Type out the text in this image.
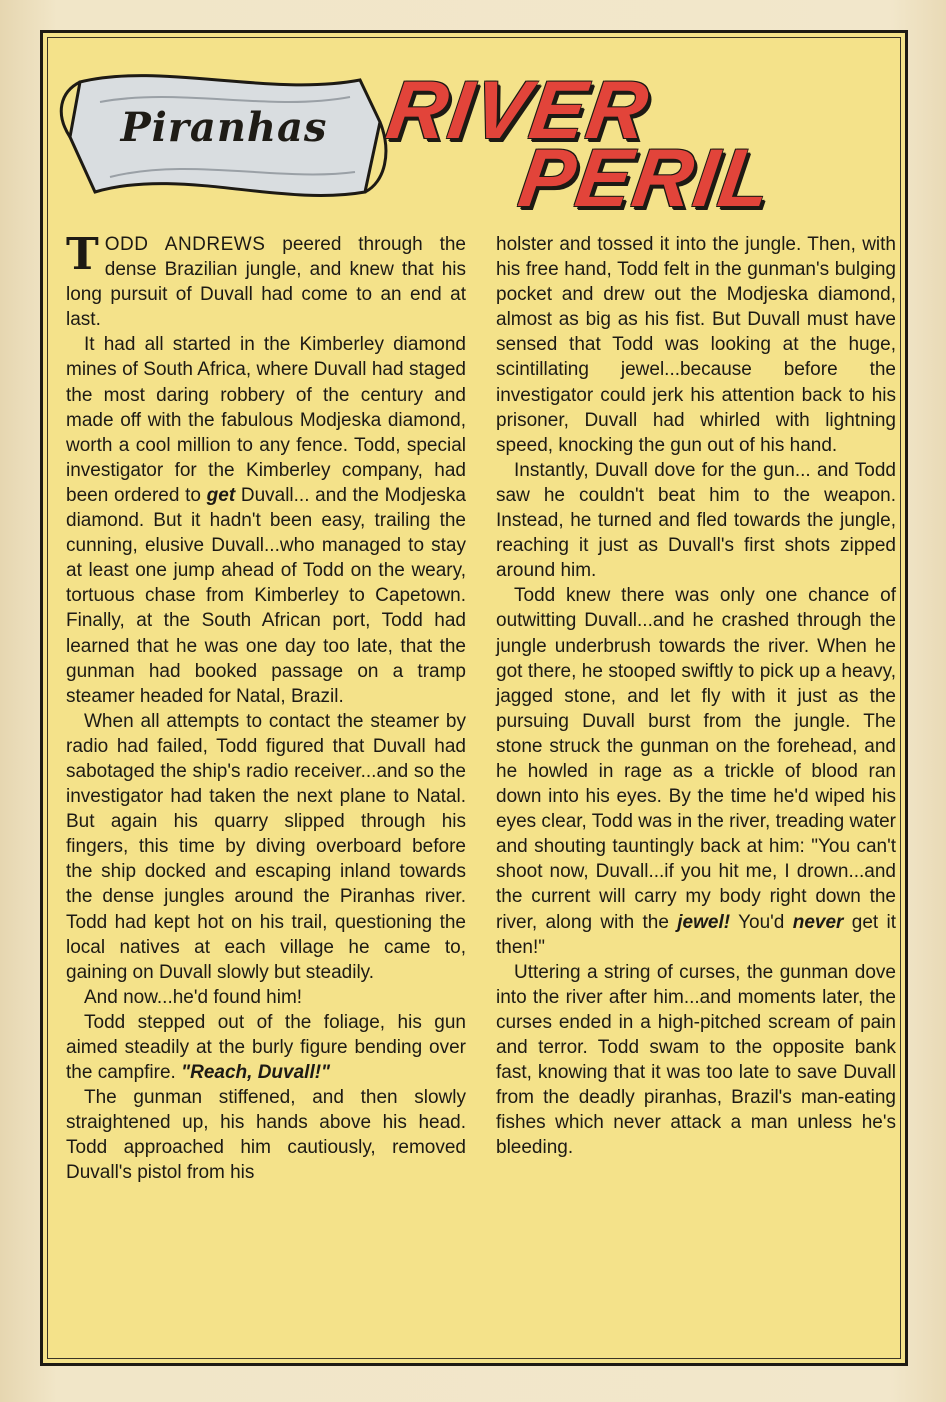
Piranhas RIVER
PERIL

TODD ANDREWS peered through the dense Brazilian jungle, and knew that his long pursuit of Duvall had come to an end at last.

It had all started in the Kimberley diamond mines of South Africa, where Duvall had staged the most daring robbery of the century and made off with the fabulous Modjeska diamond, worth a cool million to any fence. Todd, special investigator for the Kimberley company, had been ordered to get Duvall... and the Modjeska diamond. But it hadn't been easy, trailing the cunning, elusive Duvall...who managed to stay at least one jump ahead of Todd on the weary, tortuous chase from Kimberley to Capetown. Finally, at the South African port, Todd had learned that he was one day too late, that the gunman had booked passage on a tramp steamer headed for Natal, Brazil.

When all attempts to contact the steamer by radio had failed, Todd figured that Duvall had sabotaged the ship's radio receiver...and so the investigator had taken the next plane to Natal. But again his quarry slipped through his fingers, this time by diving overboard before the ship docked and escaping inland towards the dense jungles around the Piranhas river. Todd had kept hot on his trail, questioning the local natives at each village he came to, gaining on Duvall slowly but steadily.

And now...he'd found him!

Todd stepped out of the foliage, his gun aimed steadily at the burly figure bending over the campfire. "Reach, Duvall!"

The gunman stiffened, and then slowly straightened up, his hands above his head. Todd approached him cautiously, removed Duvall's pistol from his

holster and tossed it into the jungle. Then, with his free hand, Todd felt in the gunman's bulging pocket and drew out the Modjeska diamond, almost as big as his fist. But Duvall must have sensed that Todd was looking at the huge, scintillating jewel...because before the investigator could jerk his attention back to his prisoner, Duvall had whirled with lightning speed, knocking the gun out of his hand.

Instantly, Duvall dove for the gun... and Todd saw he couldn't beat him to the weapon. Instead, he turned and fled towards the jungle, reaching it just as Duvall's first shots zipped around him.

Todd knew there was only one chance of outwitting Duvall...and he crashed through the jungle underbrush towards the river. When he got there, he stooped swiftly to pick up a heavy, jagged stone, and let fly with it just as the pursuing Duvall burst from the jungle. The stone struck the gunman on the forehead, and he howled in rage as a trickle of blood ran down into his eyes. By the time he'd wiped his eyes clear, Todd was in the river, treading water and shouting tauntingly back at him: "You can't shoot now, Duvall...if you hit me, I drown...and the current will carry my body right down the river, along with the jewel! You'd never get it then!"

Uttering a string of curses, the gunman dove into the river after him...and moments later, the curses ended in a high-pitched scream of pain and terror. Todd swam to the opposite bank fast, knowing that it was too late to save Duvall from the deadly piranhas, Brazil's man-eating fishes which never attack a man unless he's bleeding.
